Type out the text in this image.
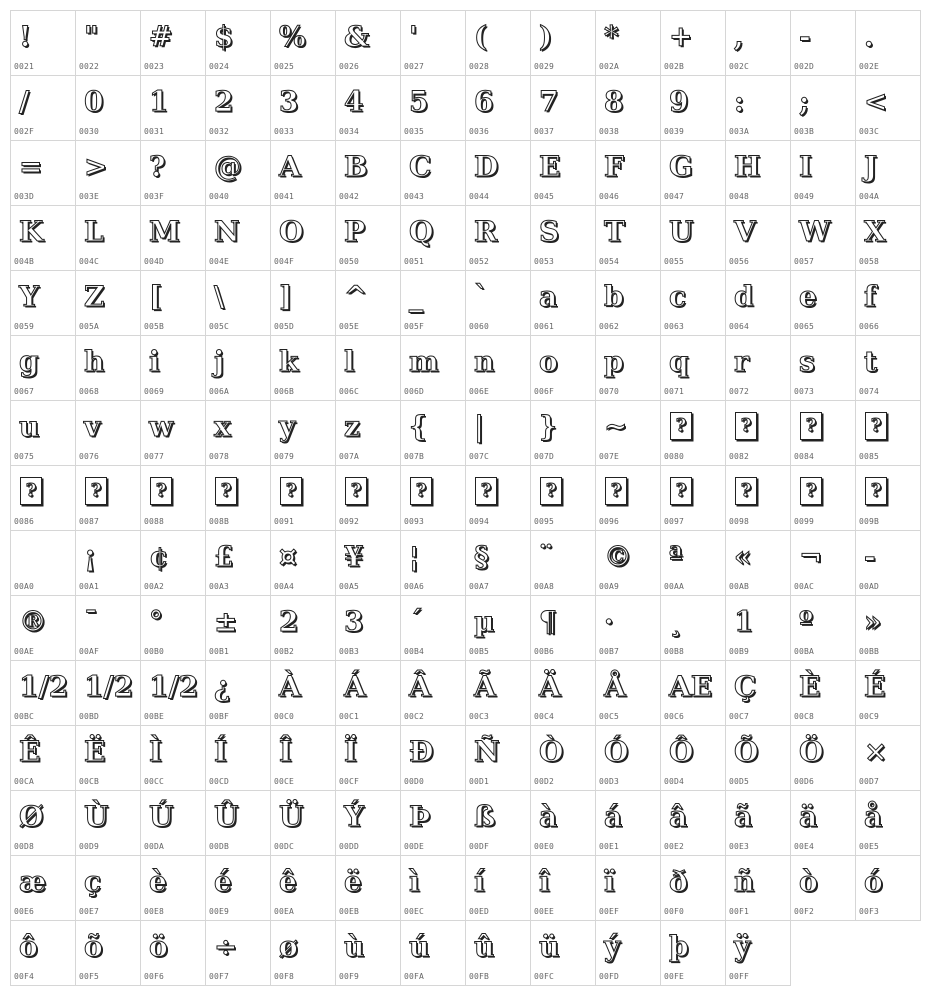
!
0021
"
0022
#
0023
$
0024
%
0025
&
0026
'
0027
(
0028
)
0029
*
002A
+
002B
,
002C
-
002D
.
002E
/
002F
0
0030
1
0031
2
0032
3
0033
4
0034
5
0035
6
0036
7
0037
8
0038
9
0039
:
003A
;
003B
<
003C
=
003D
>
003E
?
003F
@
0040
A
0041
B
0042
C
0043
D
0044
E
0045
F
0046
G
0047
H
0048
I
0049
J
004A
K
004B
L
004C
M
004D
N
004E
O
004F
P
0050
Q
0051
R
0052
S
0053
T
0054
U
0055
V
0056
W
0057
X
0058
Y
0059
Z
005A
[
005B
\
005C
]
005D
^
005E
_
005F
`
0060
a
0061
b
0062
c
0063
d
0064
e
0065
f
0066
g
0067
h
0068
i
0069
j
006A
k
006B
l
006C
m
006D
n
006E
o
006F
p
0070
q
0071
r
0072
s
0073
t
0074
u
0075
v
0076
w
0077
x
0078
y
0079
z
007A
{
007B
|
007C
}
007D
~
007E
?
0080
?
0082
?
0084
?
0085
?
0086
?
0087
?
0088
?
008B
?
0091
?
0092
?
0093
?
0094
?
0095
?
0096
?
0097
?
0098
?
0099
?
009B
00A0
¡
00A1
¢
00A2
£
00A3
¤
00A4
¥
00A5
¦
00A6
§
00A7
¨
00A8
©
00A9
ª
00AA
«
00AB
¬
00AC
-
00AD
®
00AE
¯
00AF
°
00B0
±
00B1
2
00B2
3
00B3
´
00B4
µ
00B5
¶
00B6
·
00B7
¸
00B8
1
00B9
º
00BA
»
00BB
1/2
00BC
1/2
00BD
1/2
00BE
¿
00BF
À
00C0
Á
00C1
Â
00C2
Ã
00C3
Ä
00C4
Å
00C5
AE
00C6
Ç
00C7
È
00C8
É
00C9
Ê
00CA
Ë
00CB
Ì
00CC
Í
00CD
Î
00CE
Ï
00CF
Ð
00D0
Ñ
00D1
Ò
00D2
Ó
00D3
Ô
00D4
Õ
00D5
Ö
00D6
×
00D7
Ø
00D8
Ù
00D9
Ú
00DA
Û
00DB
Ü
00DC
Ý
00DD
Þ
00DE
ß
00DF
à
00E0
á
00E1
â
00E2
ã
00E3
ä
00E4
å
00E5
æ
00E6
ç
00E7
è
00E8
é
00E9
ê
00EA
ë
00EB
ì
00EC
í
00ED
î
00EE
ï
00EF
ð
00F0
ñ
00F1
ò
00F2
ó
00F3
ô
00F4
õ
00F5
ö
00F6
÷
00F7
ø
00F8
ù
00F9
ú
00FA
û
00FB
ü
00FC
ý
00FD
þ
00FE
ÿ
00FF
